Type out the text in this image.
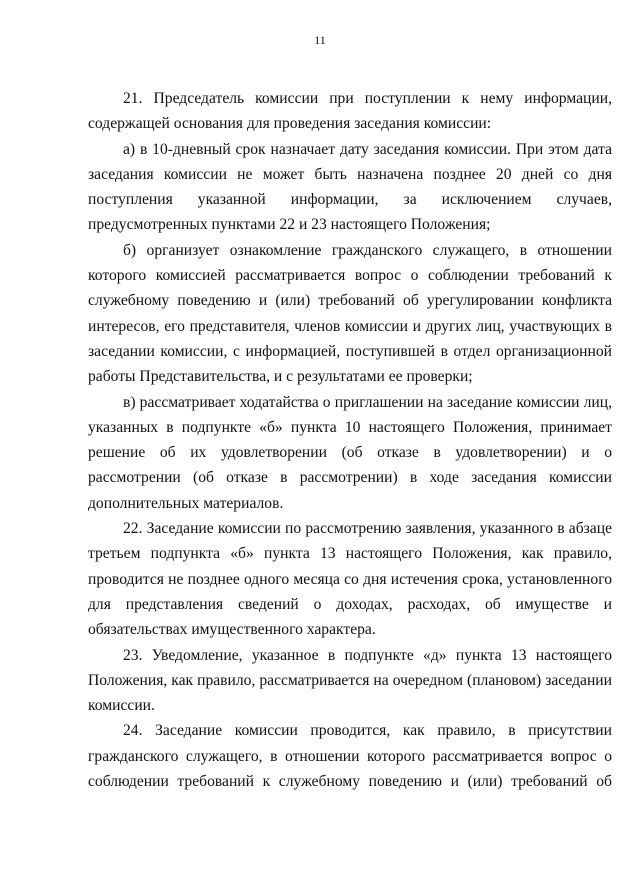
11

21. Председатель комиссии при поступлении к нему информации, содержащей основания для проведения заседания комиссии:

а) в 10-дневный срок назначает дату заседания комиссии. При этом дата заседания комиссии не может быть назначена позднее 20 дней со дня поступления указанной информации, за исключением случаев, предусмотренных пунктами 22 и 23 настоящего Положения;

б) организует ознакомление гражданского служащего, в отношении которого комиссией рассматривается вопрос о соблюдении требований к служебному поведению и (или) требований об урегулировании конфликта интересов, его представителя, членов комиссии и других лиц, участвующих в заседании комиссии, с информацией, поступившей в отдел организационной работы Представительства, и с результатами ее проверки;

в) рассматривает ходатайства о приглашении на заседание комиссии лиц, указанных в подпункте «б» пункта 10 настоящего Положения, принимает решение об их удовлетворении (об отказе в удовлетворении) и о рассмотрении (об отказе в рассмотрении) в ходе заседания комиссии дополнительных материалов.

22. Заседание комиссии по рассмотрению заявления, указанного в абзаце третьем подпункта «б» пункта 13 настоящего Положения, как правило, проводится не позднее одного месяца со дня истечения срока, установленного для представления сведений о доходах, расходах, об имуществе и обязательствах имущественного характера.

23. Уведомление, указанное в подпункте «д» пункта 13 настоящего Положения, как правило, рассматривается на очередном (плановом) заседании комиссии.

24. Заседание комиссии проводится, как правило, в присутствии гражданского служащего, в отношении которого рассматривается вопрос о соблюдении требований к служебному поведению и (или) требований об
